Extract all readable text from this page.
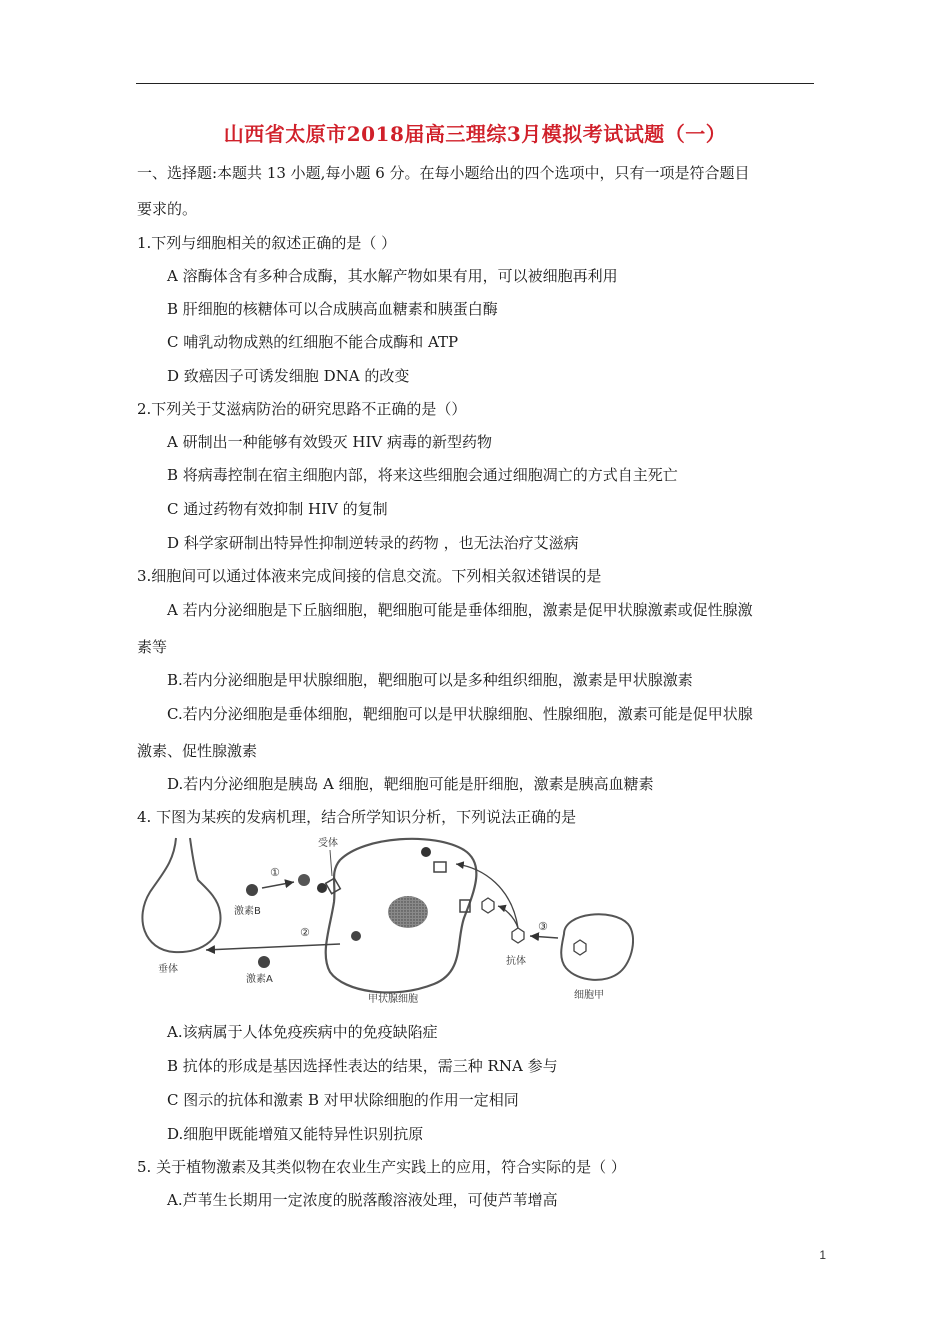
山西省太原市2018届高三理综3月模拟考试试题（一）
一、选择题:本题共 13 小题,每小题 6 分。在每小题给出的四个选项中，只有一项是符合题目
要求的。
1.下列与细胞相关的叙述正确的是（ ）
A 溶酶体含有多种合成酶，其水解产物如果有用，可以被细胞再利用
B 肝细胞的核糖体可以合成胰高血糖素和胰蛋白酶
C 哺乳动物成熟的红细胞不能合成酶和 ATP
D 致癌因子可诱发细胞 DNA 的改变
2.下列关于艾滋病防治的研究思路不正确的是（）
A 研制出一种能够有效毁灭 HIV 病毒的新型药物
B 将病毒控制在宿主细胞内部，将来这些细胞会通过细胞凋亡的方式自主死亡
C 通过药物有效抑制 HIV 的复制
D 科学家研制出特异性抑制逆转录的药物 ，也无法治疗艾滋病
3.细胞间可以通过体液来完成间接的信息交流。下列相关叙述错误的是
A 若内分泌细胞是下丘脑细胞，靶细胞可能是垂体细胞，激素是促甲状腺激素或促性腺激
素等
B.若内分泌细胞是甲状腺细胞，靶细胞可以是多种组织细胞，激素是甲状腺激素
C.若内分泌细胞是垂体细胞，靶细胞可以是甲状腺细胞、性腺细胞，激素可能是促甲状腺
激素、促性腺激素
D.若内分泌细胞是胰岛 A 细胞，靶细胞可能是肝细胞，激素是胰高血糖素
4. 下图为某疾的发病机理，结合所学知识分析，下列说法正确的是
垂体
激素B
①
甲状腺细胞
受体
②
激素A
抗体
③
细胞甲
A.该病属于人体免疫疾病中的免疫缺陷症
B 抗体的形成是基因选择性表达的结果，需三种 RNA 参与
C 图示的抗体和激素 B 对甲状除细胞的作用一定相同
D.细胞甲既能增殖又能特异性识别抗原
5. 关于植物激素及其类似物在农业生产实践上的应用，符合实际的是（ ）
A.芦苇生长期用一定浓度的脱落酸溶液处理，可使芦苇增高
1
